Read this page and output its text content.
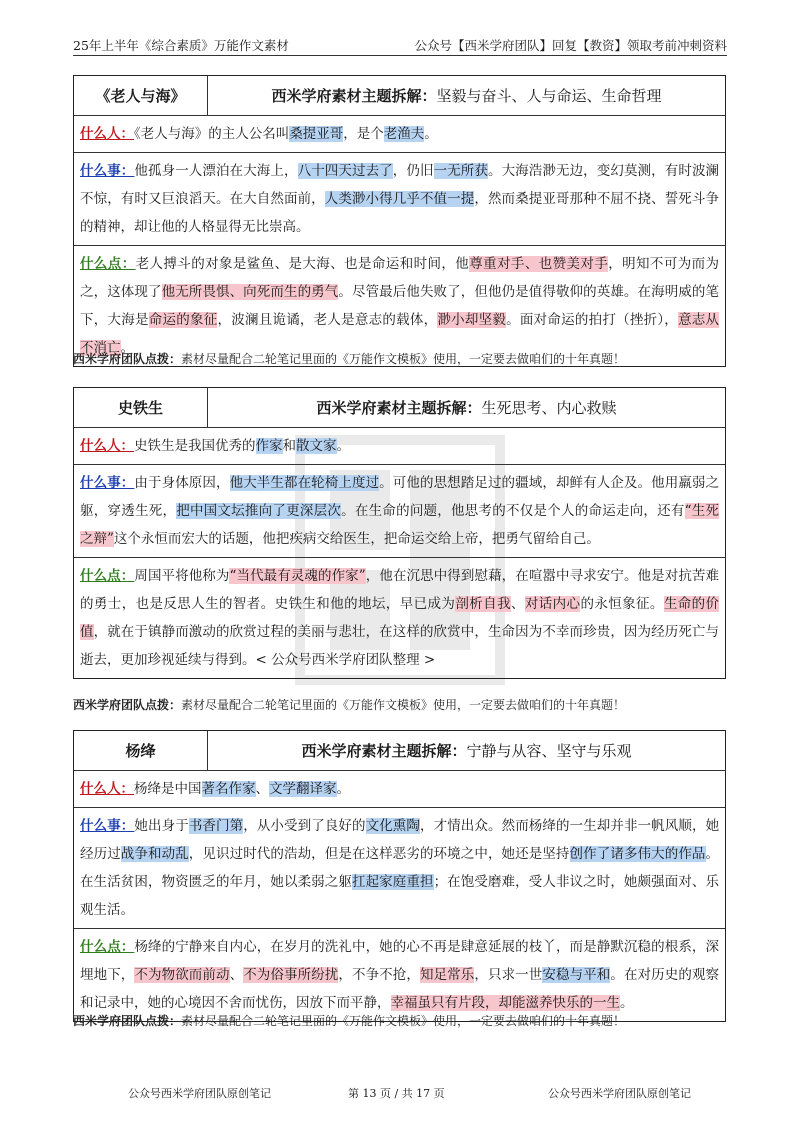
25年上半年《综合素质》万能作文素材	公众号【西米学府团队】回复【教资】领取考前冲刺资料
《老人与海》	西米学府素材主题拆解： 坚毅与奋斗、人与命运、生命哲理
什么人：《老人与海》的主人公名叫桑提亚哥，是个老渔夫。
什么事：他孤身一人漂泊在大海上，八十四天过去了，仍旧一无所获。大海浩渺无边，变幻莫测，有时波澜不惊，有时又巨浪滔天。在大自然面前，人类渺小得几乎不值一提，然而桑提亚哥那种不屈不挠、誓死斗争的精神，却让他的人格显得无比崇高。
什么点：老人搏斗的对象是鲨鱼、是大海、也是命运和时间，他尊重对手、也赞美对手，明知不可为而为之，这体现了他无所畏惧、向死而生的勇气。尽管最后他失败了，但他仍是值得敬仰的英雄。在海明威的笔下，大海是命运的象征，波澜且诡谲，老人是意志的载体，渺小却坚毅。面对命运的拍打（挫折），意志从不消亡。
西米学府团队点拨：素材尽量配合二轮笔记里面的《万能作文模板》使用，一定要去做咱们的十年真题！
史铁生	西米学府素材主题拆解： 生死思考、内心救赎
什么人：史铁生是我国优秀的作家和散文家。
什么事：由于身体原因，他大半生都在轮椅上度过。可他的思想踏足过的疆域，却鲜有人企及。他用羸弱之躯，穿透生死，把中国文坛推向了更深层次。在生命的问题，他思考的不仅是个人的命运走向，还有“生死之辩”这个永恒而宏大的话题，他把疾病交给医生，把命运交给上帝，把勇气留给自己。
什么点：周国平将他称为“当代最有灵魂的作家”，他在沉思中得到慰藉，在喧嚣中寻求安宁。他是对抗苦难的勇士，也是反思人生的智者。史铁生和他的地坛，早已成为剖析自我、对话内心的永恒象征。生命的价值，就在于镇静而激动的欣赏过程的美丽与悲壮，在这样的欣赏中，生命因为不幸而珍贵，因为经历死亡与逝去，更加珍视延续与得到。< 公众号西米学府团队整理 >
西米学府团队点拨：素材尽量配合二轮笔记里面的《万能作文模板》使用，一定要去做咱们的十年真题！
杨绛	西米学府素材主题拆解： 宁静与从容、坚守与乐观
什么人：杨绛是中国著名作家、文学翻译家。
什么事：她出身于书香门第，从小受到了良好的文化熏陶，才情出众。然而杨绛的一生却并非一帆风顺，她经历过战争和动乱，见识过时代的浩劫，但是在这样恶劣的环境之中，她还是坚持创作了诸多伟大的作品。在生活贫困，物资匮乏的年月，她以柔弱之躯扛起家庭重担；在饱受磨难，受人非议之时，她颇强面对、乐观生活。
什么点：杨绛的宁静来自内心，在岁月的洗礼中，她的心不再是肆意延展的枝丫，而是静默沉稳的根系，深埋地下，不为物欲而前动、不为俗事所纷扰，不争不抢，知足常乐，只求一世安稳与平和。在对历史的观察和记录中，她的心境因不舍而忧伤，因放下而平静，幸福虽只有片段，却能滋养快乐的一生。
西米学府团队点拨：素材尽量配合二轮笔记里面的《万能作文模板》使用，一定要去做咱们的十年真题！
公众号西米学府团队原创笔记	第 13 页 / 共 17 页	公众号西米学府团队原创笔记
